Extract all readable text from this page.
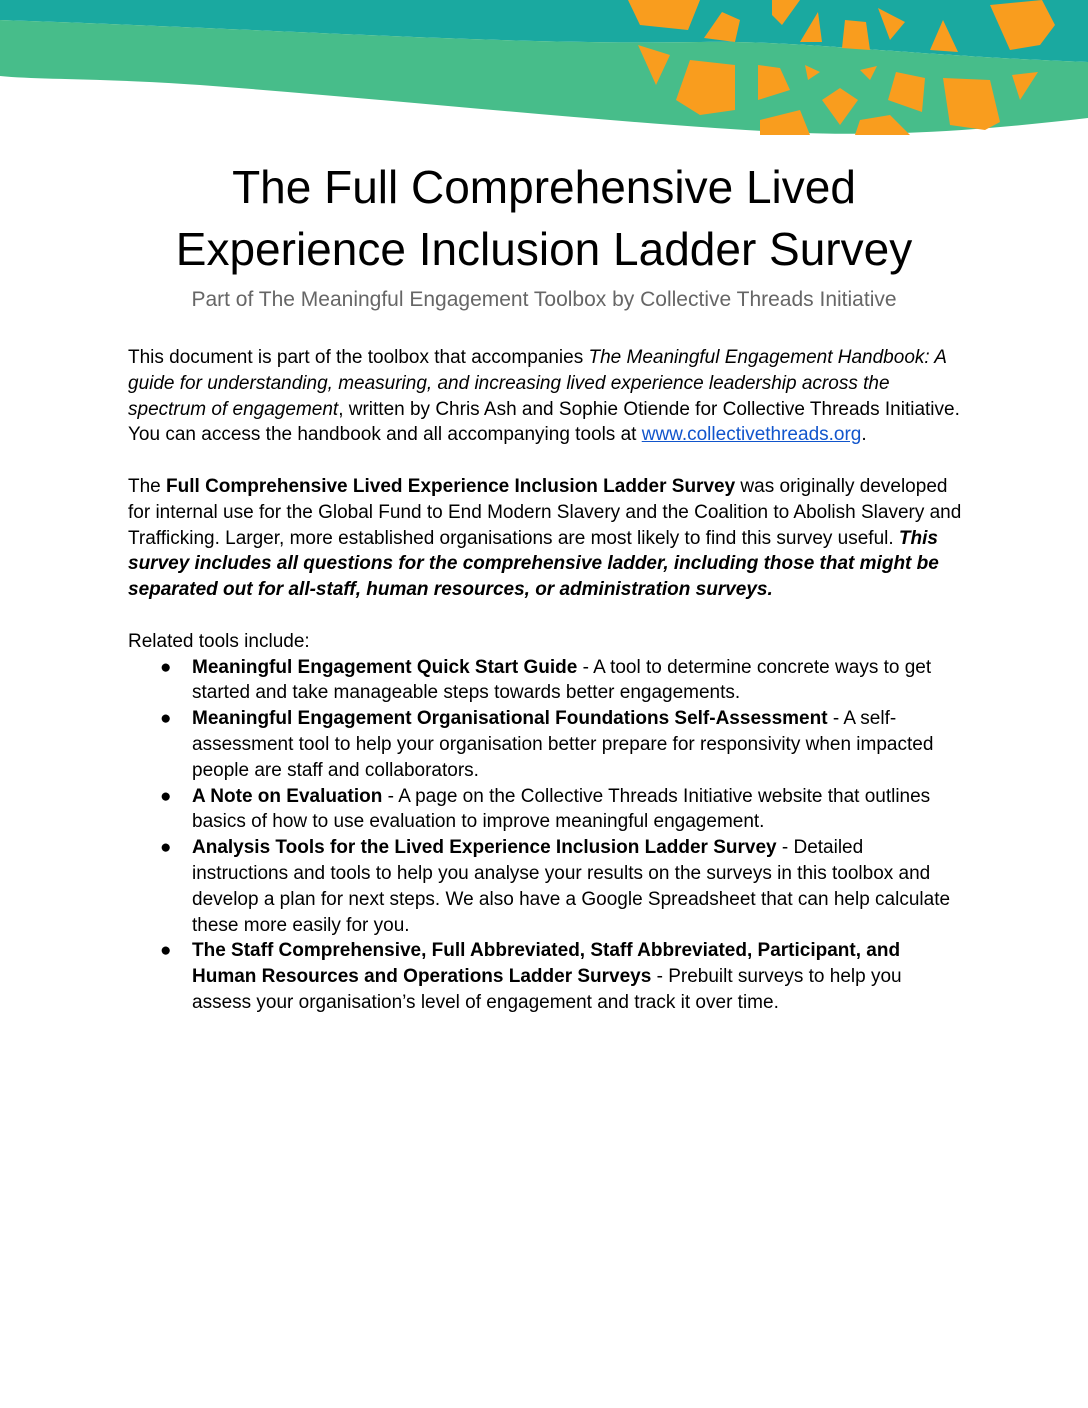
The Full Comprehensive Lived
Experience Inclusion Ladder Survey
Part of The Meaningful Engagement Toolbox by Collective Threads Initiative

This document is part of the toolbox that accompanies The Meaningful Engagement Handbook: A guide for understanding, measuring, and increasing lived experience leadership across the spectrum of engagement, written by Chris Ash and Sophie Otiende for Collective Threads Initiative. You can access the handbook and all accompanying tools at www.collectivethreads.org.

The Full Comprehensive Lived Experience Inclusion Ladder Survey was originally developed for internal use for the Global Fund to End Modern Slavery and the Coalition to Abolish Slavery and Trafficking. Larger, more established organisations are most likely to find this survey useful. This survey includes all questions for the comprehensive ladder, including those that might be separated out for all-staff, human resources, or administration surveys.

Related tools include:
● Meaningful Engagement Quick Start Guide - A tool to determine concrete ways to get started and take manageable steps towards better engagements.
● Meaningful Engagement Organisational Foundations Self-Assessment - A self-assessment tool to help your organisation better prepare for responsivity when impacted people are staff and collaborators.
● A Note on Evaluation - A page on the Collective Threads Initiative website that outlines basics of how to use evaluation to improve meaningful engagement.
● Analysis Tools for the Lived Experience Inclusion Ladder Survey - Detailed instructions and tools to help you analyse your results on the surveys in this toolbox and develop a plan for next steps. We also have a Google Spreadsheet that can help calculate these more easily for you.
● The Staff Comprehensive, Full Abbreviated, Staff Abbreviated, Participant, and Human Resources and Operations Ladder Surveys - Prebuilt surveys to help you assess your organisation’s level of engagement and track it over time.
